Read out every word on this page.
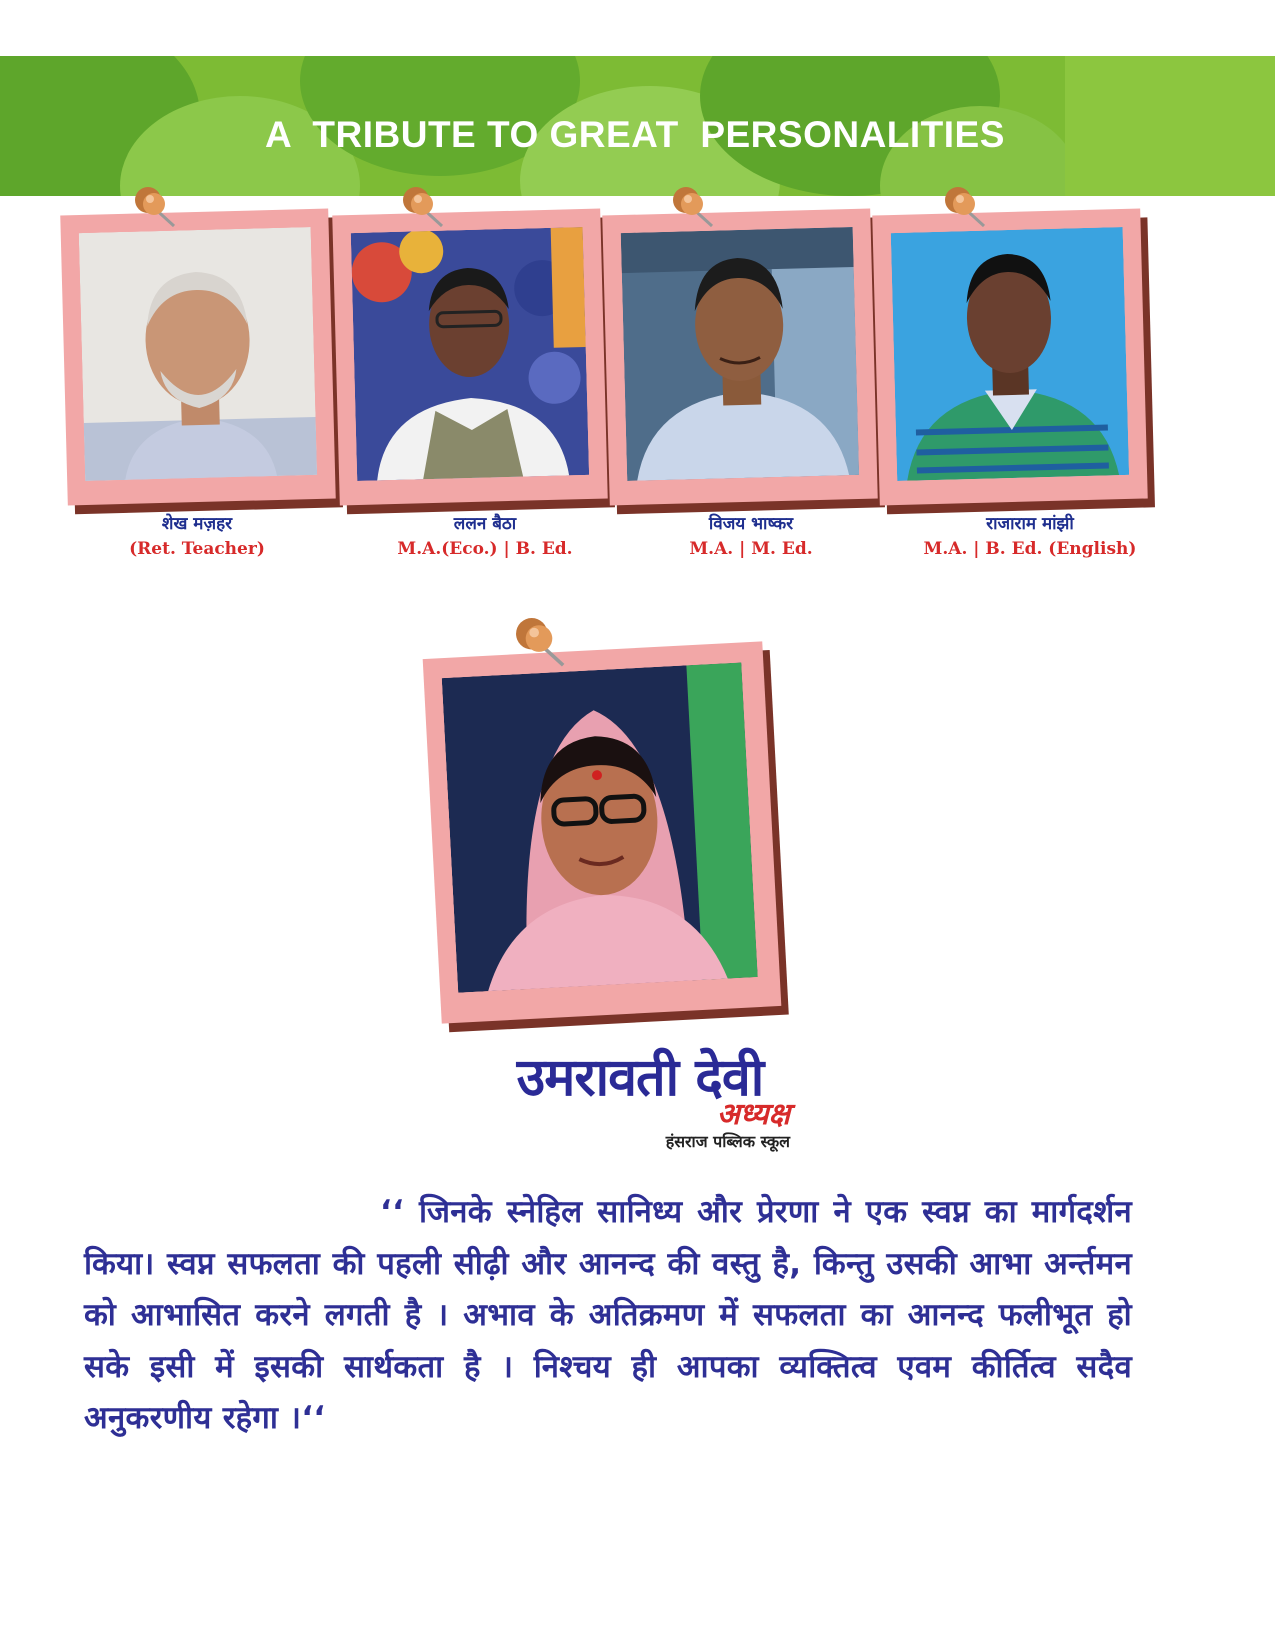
A  TRIBUTE TO GREAT  PERSONALITIES
शेख मज़हर
(Ret. Teacher)
ललन बैठा
M.A.(Eco.) | B. Ed.
विजय भाष्कर
M.A. | M. Ed.
राजाराम मांझी
M.A. | B. Ed. (English)
उमरावती देवी
अध्यक्ष
हंसराज पब्लिक स्कूल
‘‘ जिनके स्नेहिल सानिध्य और प्रेरणा ने एक स्वप्न का मार्गदर्शन किया। स्वप्न सफलता की पहली सीढ़ी और आनन्द की वस्तु है, किन्तु उसकी आभा अर्न्तमन को आभासित करने लगती है । अभाव के अतिक्रमण में सफलता का आनन्द फलीभूत हो सके इसी में इसकी सार्थकता है । निश्चय ही आपका व्यक्तित्व एवम कीर्तित्व सदैव अनुकरणीय रहेगा ।‘‘
